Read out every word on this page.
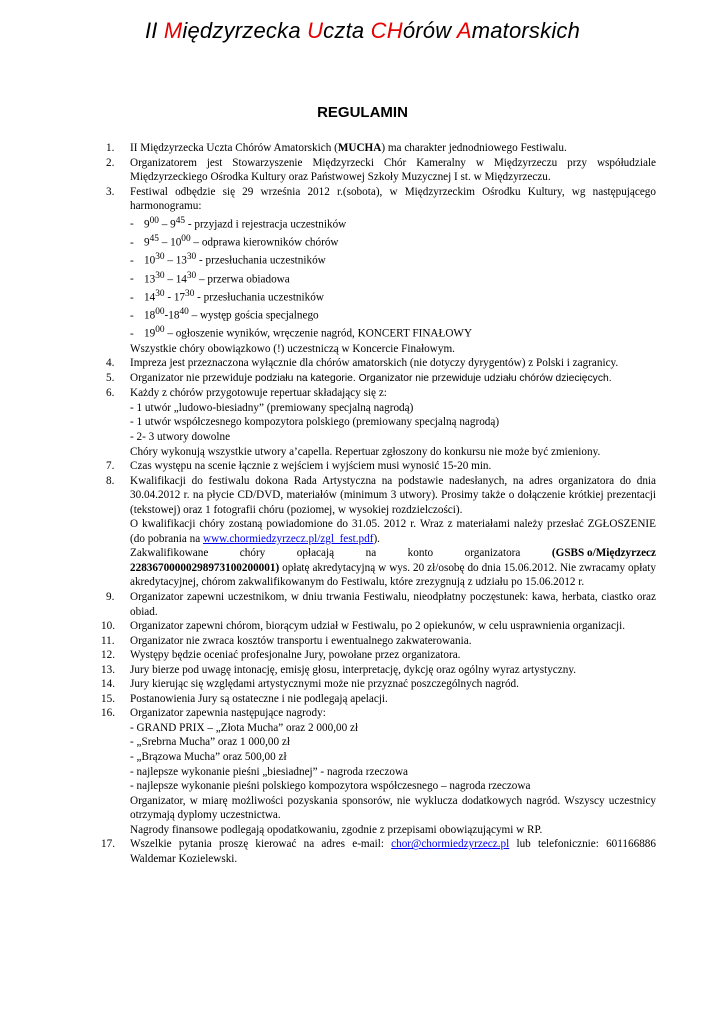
II Międzyrzecka Uczta CHórów Amatorskich
REGULAMIN
1.	II Międzyrzecka Uczta Chórów Amatorskich (MUCHA) ma charakter jednodniowego Festiwalu.
2.	Organizatorem jest Stowarzyszenie Międzyrzecki Chór Kameralny w Międzyrzeczu przy współudziale Międzyrzeckiego Ośrodka Kultury oraz Państwowej Szkoły Muzycznej I st. w Międzyrzeczu.
3.	Festiwal odbędzie się 29 września 2012 r.(sobota), w Międzyrzeckim Ośrodku Kultury, wg następującego harmonogramu:
- $9^{00} - 9^{45}$ - przyjazd i rejestracja uczestników
- $9^{45} - 10^{00}$ – odprawa kierowników chórów
- $10^{30} - 13^{30}$ - przesłuchania uczestników
- $13^{30} - 14^{30}$ – przerwa obiadowa
- $14^{30} - 17^{30}$ - przesłuchania uczestników
- $18^{00}-18^{40}$ – występ gościa specjalnego
- $19^{00}$ – ogłoszenie wyników, wręczenie nagród, KONCERT FINAŁOWY
Wszystkie chóry obowiązkowo (!) uczestniczą w Koncercie Finałowym.
4.	Impreza jest przeznaczona wyłącznie dla chórów amatorskich (nie dotyczy dyrygentów) z Polski i zagranicy.
5.	Organizator nie przewiduje podziału na kategorie. Organizator nie przewiduje udziału chórów dziecięcych.
6.	Każdy z chórów przygotowuje repertuar składający się z:
- 1 utwór „ludowo-biesiadny” (premiowany specjalną nagrodą)
- 1 utwór współczesnego kompozytora polskiego (premiowany specjalną nagrodą)
- 2- 3 utwory dowolne
Chóry wykonują wszystkie utwory a’capella. Repertuar zgłoszony do konkursu nie może być zmieniony.
7.	Czas występu na scenie łącznie z wejściem i wyjściem musi wynosić 15-20 min.
8.	Kwalifikacji do festiwalu dokona Rada Artystyczna na podstawie nadesłanych, na adres organizatora do dnia 30.04.2012 r. na płycie CD/DVD, materiałów (minimum 3 utwory). Prosimy także o dołączenie krótkiej prezentacji (tekstowej) oraz 1 fotografii chóru (poziomej, w wysokiej rozdzielczości).
O kwalifikacji chóry zostaną powiadomione do 31.05. 2012 r. Wraz z materiałami należy przesłać ZGŁOSZENIE (do pobrania na www.chormiedzyrzecz.pl/zgl_fest.pdf).
Zakwalifikowane	chóry	opłacają	na	konto	organizatora	(GSBS o/Międzyrzecz
22836700000298973100200001) opłatę akredytacyjną w wys. 20 zł/osobę do dnia 15.06.2012. Nie zwracamy opłaty akredytacyjnej, chórom zakwalifikowanym do Festiwalu, które zrezygnują z udziału po 15.06.2012 r.
9.	Organizator zapewni uczestnikom, w dniu trwania Festiwalu, nieodpłatny poczęstunek: kawa, herbata, ciastko oraz obiad.
10.	Organizator zapewni chórom, biorącym udział w Festiwalu, po 2 opiekunów, w celu usprawnienia organizacji.
11.	Organizator nie zwraca kosztów transportu i ewentualnego zakwaterowania.
12.	Występy będzie oceniać profesjonalne Jury, powołane przez organizatora.
13.	Jury bierze pod uwagę intonację, emisję głosu, interpretację, dykcję oraz ogólny wyraz artystyczny.
14.	Jury kierując się względami artystycznymi może nie przyznać poszczególnych nagród.
15.	Postanowienia Jury są ostateczne i nie podlegają apelacji.
16.	Organizator zapewnia następujące nagrody:
- GRAND PRIX – „Złota Mucha” oraz 2 000,00 zł
- „Srebrna Mucha” oraz 1 000,00 zł
- „Brązowa Mucha” oraz 500,00 zł
- najlepsze wykonanie pieśni „biesiadnej” - nagroda rzeczowa
- najlepsze wykonanie pieśni polskiego kompozytora współczesnego – nagroda rzeczowa
Organizator, w miarę możliwości pozyskania sponsorów, nie wyklucza dodatkowych nagród. Wszyscy uczestnicy otrzymają dyplomy uczestnictwa.
Nagrody finansowe podlegają opodatkowaniu, zgodnie z przepisami obowiązującymi w RP.
17.	Wszelkie pytania proszę kierować na adres e-mail: chor@chormiedzyrzecz.pl lub telefonicznie: 601166886 Waldemar Kozielewski.
